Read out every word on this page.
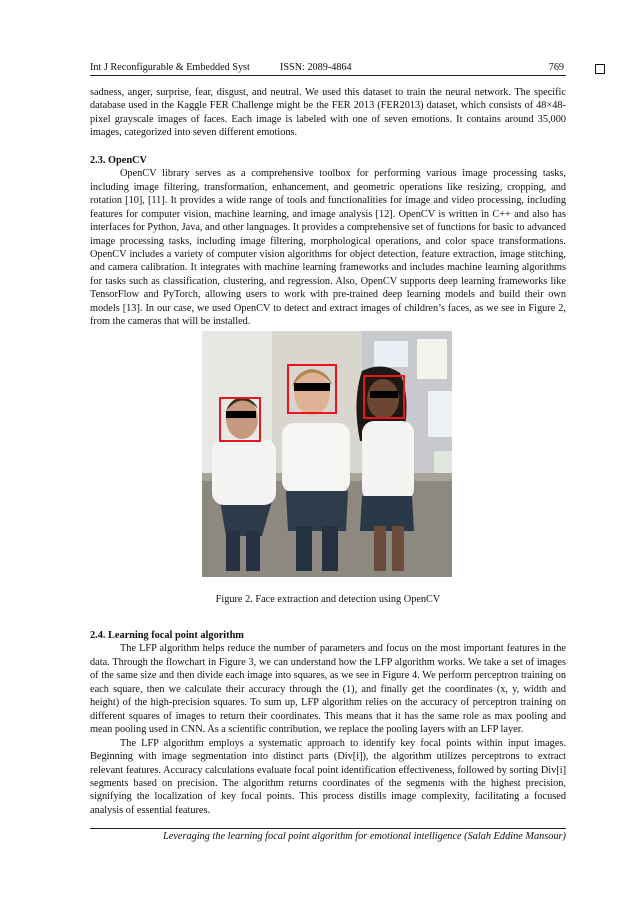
Int J Reconfigurable & Embedded Syst	ISSN: 2089-4864	769

sadness, anger, surprise, fear, disgust, and neutral. We used this dataset to train the neural network. The specific database used in the Kaggle FER Challenge might be the FER 2013 (FER2013) dataset, which consists of 48×48-pixel grayscale images of faces. Each image is labeled with one of seven emotions. It contains around 35,000 images, categorized into seven different emotions.

2.3. OpenCV

OpenCV library serves as a comprehensive toolbox for performing various image processing tasks, including image filtering, transformation, enhancement, and geometric operations like resizing, cropping, and rotation [10], [11]. It provides a wide range of tools and functionalities for image and video processing, including features for computer vision, machine learning, and image analysis [12]. OpenCV is written in C++ and also has interfaces for Python, Java, and other languages. It provides a comprehensive set of functions for basic to advanced image processing tasks, including image filtering, morphological operations, and color space transformations. OpenCV includes a variety of computer vision algorithms for object detection, feature extraction, image stitching, and camera calibration. It integrates with machine learning frameworks and includes machine learning algorithms for tasks such as classification, clustering, and regression. Also, OpenCV supports deep learning frameworks like TensorFlow and PyTorch, allowing users to work with pre-trained deep learning models and build their own models [13]. In our case, we used OpenCV to detect and extract images of children’s faces, as we see in Figure 2, from the cameras that will be installed.

Figure 2. Face extraction and detection using OpenCV
2.4. Learning focal point algorithm

The LFP algorithm helps reduce the number of parameters and focus on the most important features in the data. Through the flowchart in Figure 3, we can understand how the LFP algorithm works. We take a set of images of the same size and then divide each image into squares, as we see in Figure 4. We perform perceptron training on each square, then we calculate their accuracy through the (1), and finally get the coordinates (x, y, width and height) of the high-precision squares. To sum up, LFP algorithm relies on the accuracy of perceptron training on different squares of images to return their coordinates. This means that it has the same role as max pooling and mean pooling used in CNN. As a scientific contribution, we replace the pooling layers with an LFP layer.

The LFP algorithm employs a systematic approach to identify key focal points within input images. Beginning with image segmentation into distinct parts (Div[i]), the algorithm utilizes perceptrons to extract relevant features. Accuracy calculations evaluate focal point identification effectiveness, followed by sorting Div[i] segments based on precision. The algorithm returns coordinates of the segments with the highest precision, signifying the localization of key focal points. This process distills image complexity, facilitating a focused analysis of essential features.

Leveraging the learning focal point algorithm for emotional intelligence (Salah Eddine Mansour)
